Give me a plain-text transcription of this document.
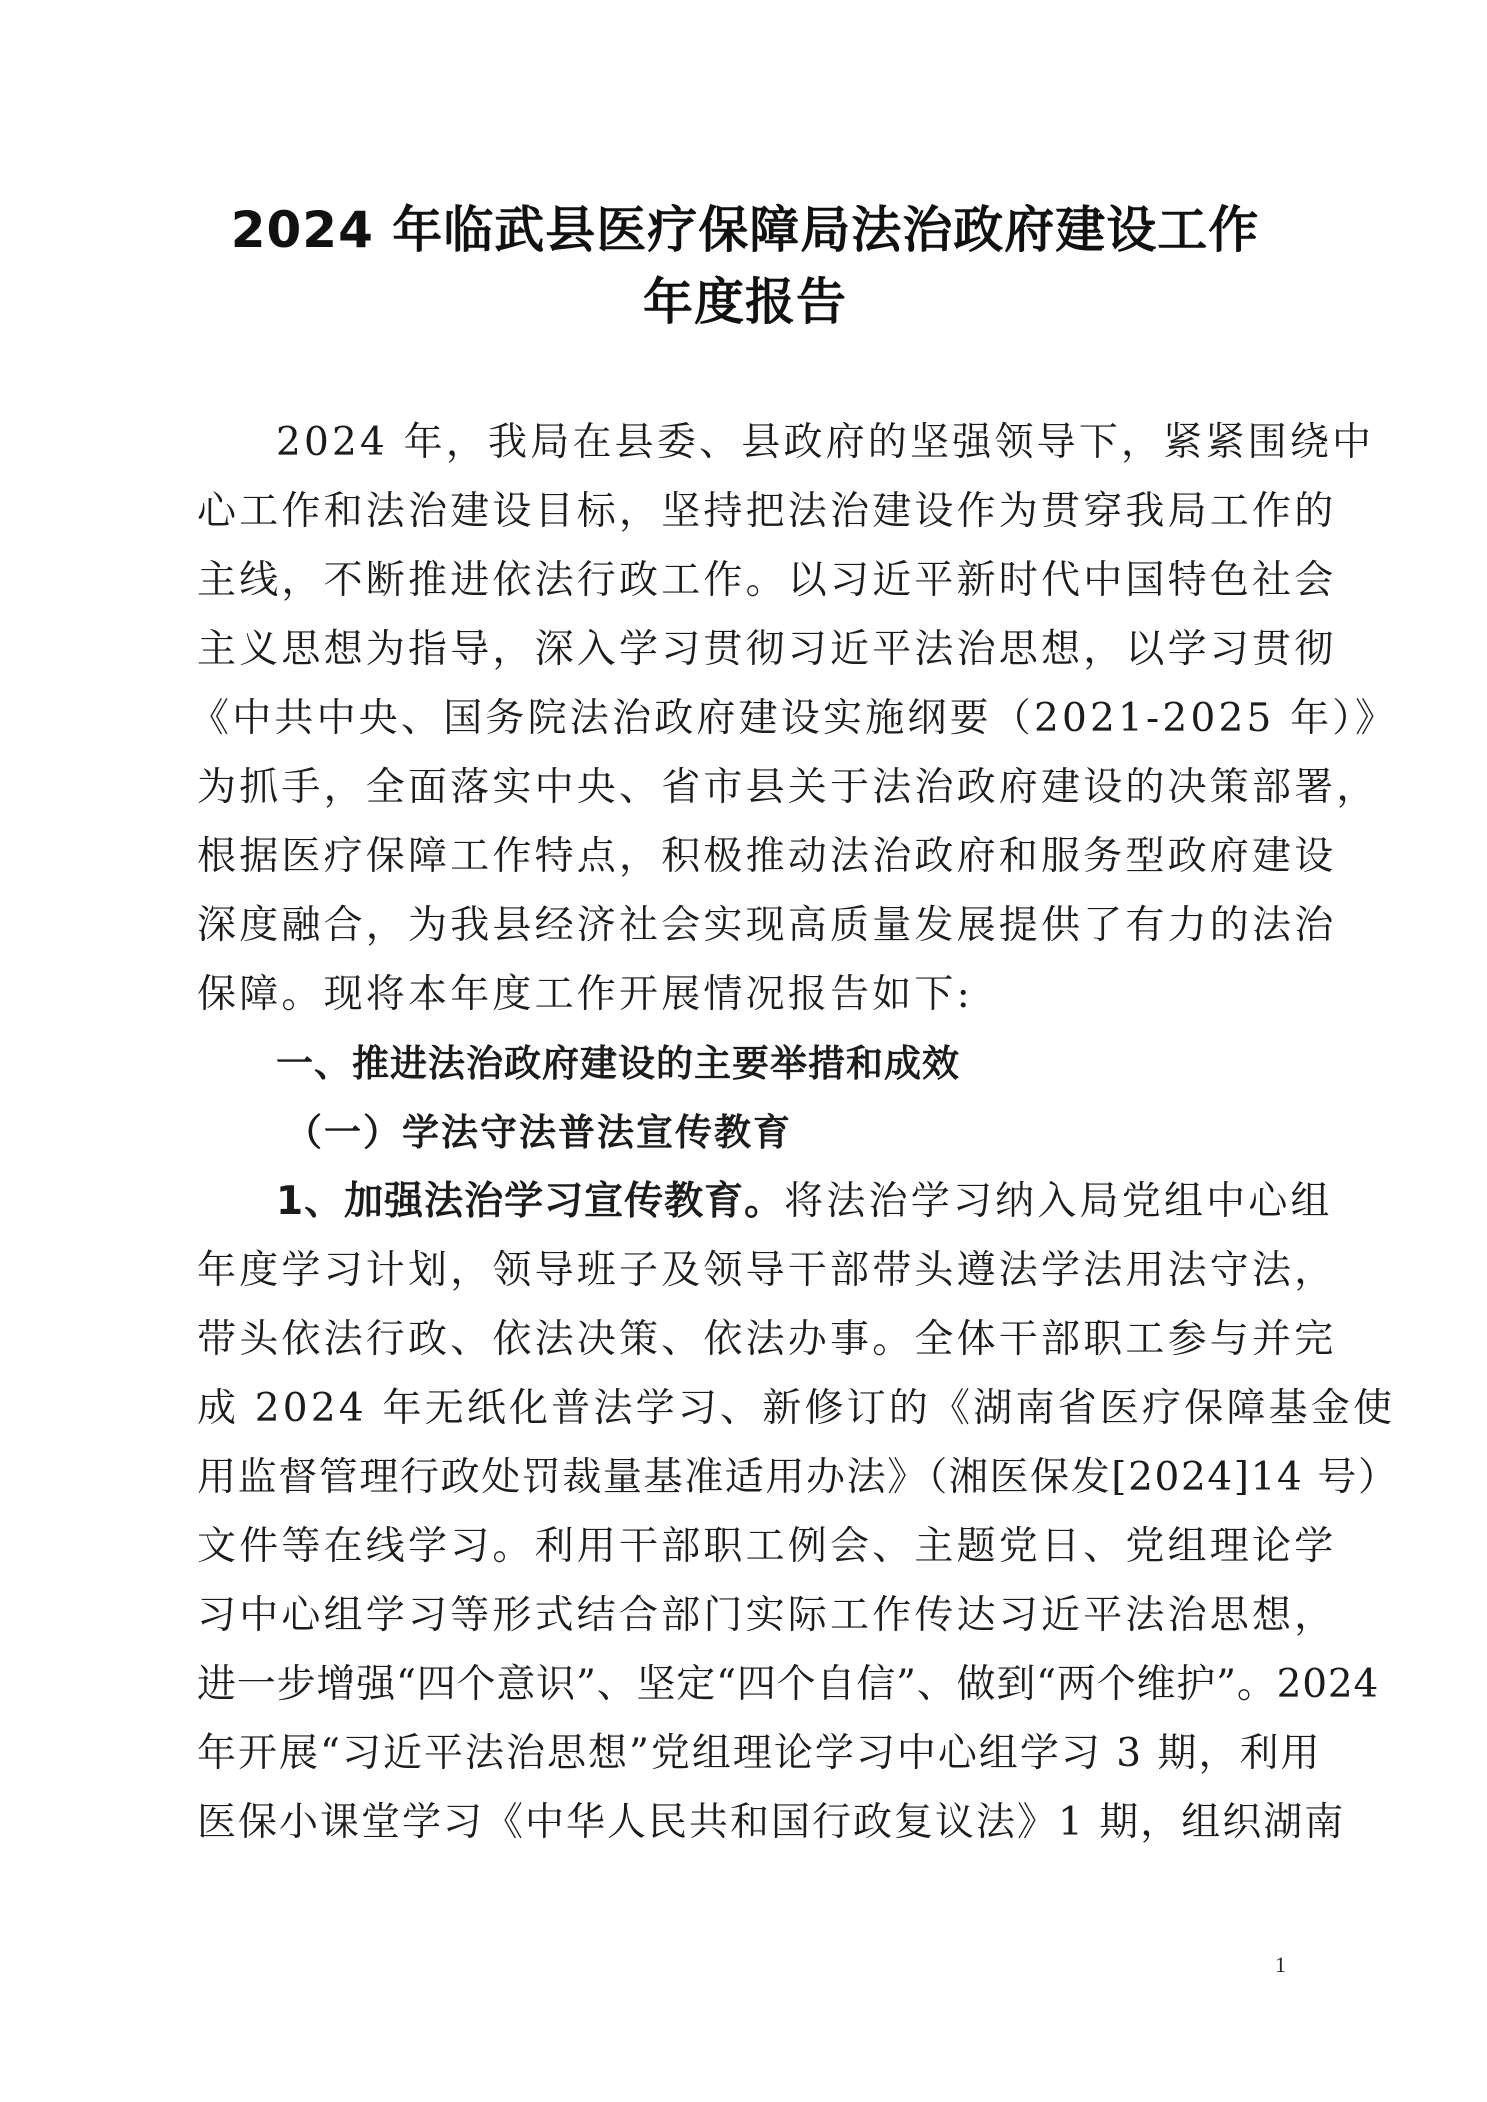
2024 年临武县医疗保障局法治政府建设工作
年度报告
2024 年，我局在县委、县政府的坚强领导下，紧紧围绕中
心工作和法治建设目标，坚持把法治建设作为贯穿我局工作的
主线，不断推进依法行政工作。以习近平新时代中国特色社会
主义思想为指导，深入学习贯彻习近平法治思想，以学习贯彻
《中共中央、国务院法治政府建设实施纲要（2021-2025 年）》
为抓手，全面落实中央、省市县关于法治政府建设的决策部署，
根据医疗保障工作特点，积极推动法治政府和服务型政府建设
深度融合，为我县经济社会实现高质量发展提供了有力的法治
保障。现将本年度工作开展情况报告如下:
一、推进法治政府建设的主要举措和成效
（一）学法守法普法宣传教育
1、加强法治学习宣传教育。将法治学习纳入局党组中心组
年度学习计划，领导班子及领导干部带头遵法学法用法守法，
带头依法行政、依法决策、依法办事。全体干部职工参与并完
成 2024 年无纸化普法学习、新修订的《湖南省医疗保障基金使
用监督管理行政处罚裁量基准适用办法》（湘医保发[2024]14 号）
文件等在线学习。利用干部职工例会、主题党日、党组理论学
习中心组学习等形式结合部门实际工作传达习近平法治思想，
进一步增强“四个意识”、坚定“四个自信”、做到“两个维护”。2024
年开展“习近平法治思想”党组理论学习中心组学习 3 期，利用
医保小课堂学习《中华人民共和国行政复议法》1 期，组织湖南
1
